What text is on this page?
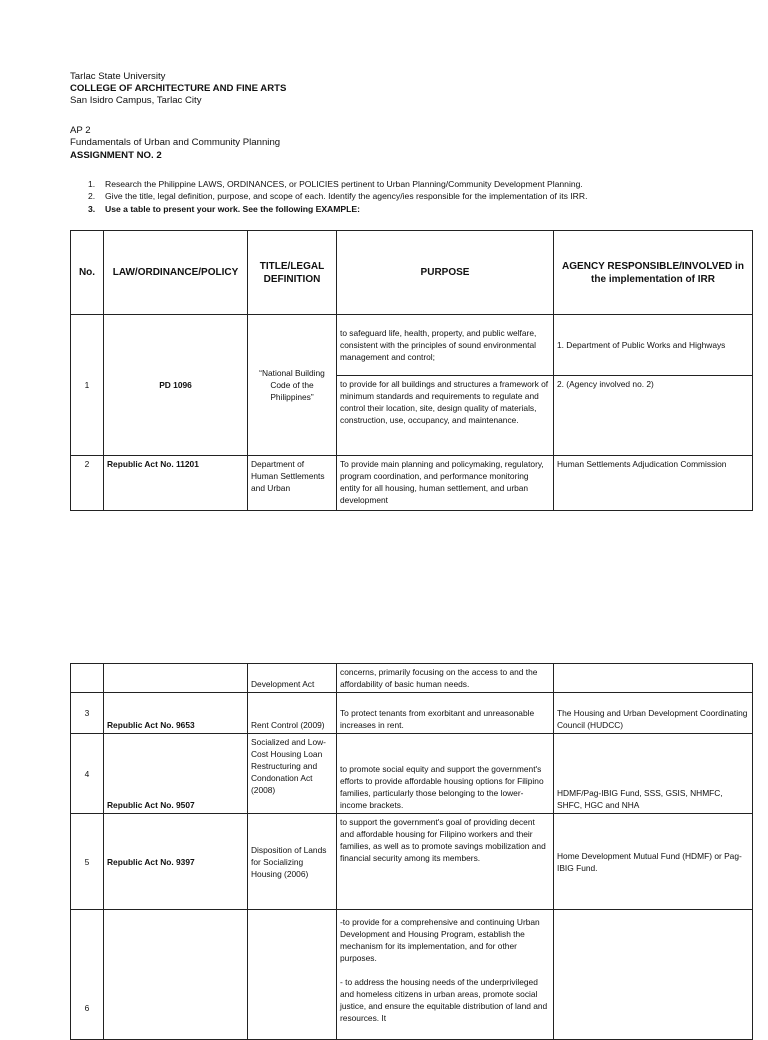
Tarlac State University
COLLEGE OF ARCHITECTURE AND FINE ARTS
San Isidro Campus, Tarlac City
AP 2
Fundamentals of Urban and Community Planning
ASSIGNMENT NO. 2
1. Research the Philippine LAWS, ORDINANCES, or POLICIES pertinent to Urban Planning/Community Development Planning.
2. Give the title, legal definition, purpose, and scope of each. Identify the agency/ies responsible for the implementation of its IRR.
3. Use a table to present your work. See the following EXAMPLE:
No.	LAW/ORDINANCE/POLICY	TITLE/LEGAL DEFINITION	PURPOSE	AGENCY RESPONSIBLE/INVOLVED in the implementation of IRR
1	PD 1096	“National Building Code of the Philippines”	to safeguard life, health, property, and public welfare, consistent with the principles of sound environmental management and control;	1. Department of Public Works and Highways
			to provide for all buildings and structures a framework of minimum standards and requirements to regulate and control their location, site, design quality of materials, construction, use, occupancy, and maintenance.	2. (Agency involved no. 2)
2	Republic Act No. 11201	Department of Human Settlements and Urban	To provide main planning and policymaking, regulatory, program coordination, and performance monitoring entity for all housing, human settlement, and urban development	Human Settlements Adjudication Commission
		Development Act	concerns, primarily focusing on the access to and the affordability of basic human needs.	
3	Republic Act No. 9653	Rent Control (2009)	To protect tenants from exorbitant and unreasonable increases in rent.	The Housing and Urban Development Coordinating Council (HUDCC)
4	Republic Act No. 9507	Socialized and Low-Cost Housing Loan Restructuring and Condonation Act (2008)	to promote social equity and support the government's efforts to provide affordable housing options for Filipino families, particularly those belonging to the lower-income brackets.	HDMF/Pag-IBIG Fund, SSS, GSIS, NHMFC, SHFC, HGC and NHA
5	Republic Act No. 9397	Disposition of Lands for Socializing Housing (2006)	to support the government's goal of providing decent and affordable housing for Filipino workers and their families, as well as to promote savings mobilization and financial security among its members.	Home Development Mutual Fund (HDMF) or Pag-IBIG Fund.
6			-to provide for a comprehensive and continuing Urban Development and Housing Program, establish the mechanism for its implementation, and for other purposes.

- to address the housing needs of the underprivileged and homeless citizens in urban areas, promote social justice, and ensure the equitable distribution of land and resources. It	
